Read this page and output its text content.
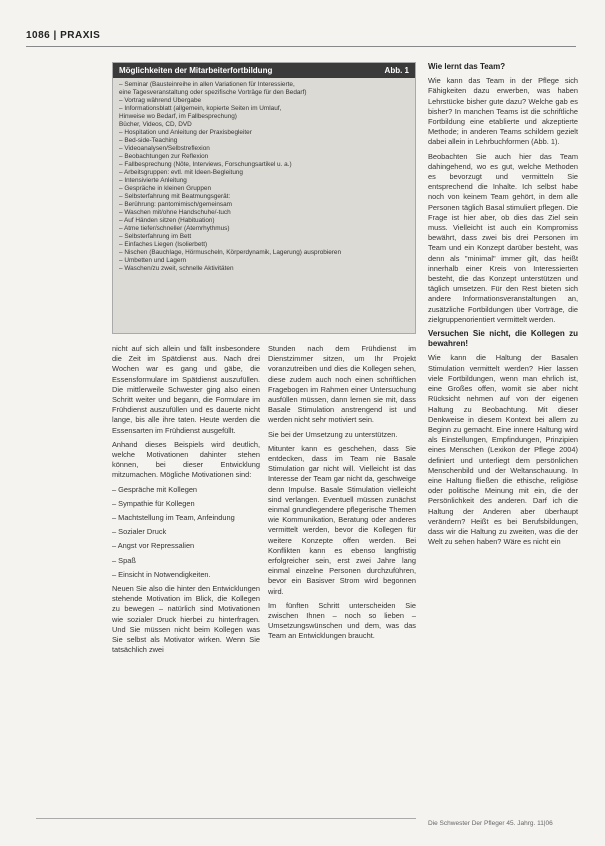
1086 | PRAXIS
Möglichkeiten der Mitarbeiterfortbildung	Abb. 1
– Seminar (Bausteinreihe in allen Variationen für Interessierte,
eine Tagesveranstaltung oder spezifische Vorträge für den Bedarf)
– Vortrag während Übergabe
– Informationsblatt (allgemein, kopierte Seiten im Umlauf,
Hinweise wo Bedarf, im Fallbesprechung)
Bücher, Videos, CD, DVD
– Hospitation und Anleitung der Praxisbegleiter
– Bed-side-Teaching
– Videoanalysen/Selbstreflexion
– Beobachtungen zur Reflexion
– Fallbesprechung (Nöte, Interviews, Forschungsartikel u. a.)
– Arbeitsgruppen: evtl. mit Ideen-Begleitung
– Intensivierte Anleitung
– Gespräche in kleinen Gruppen
– Selbsterfahrung mit Beatmungsgerät:
– Berührung: pantomimisch/gemeinsam
– Waschen mit/ohne Handschuhe/-tuch
– Auf Händen sitzen (Habituation)
– Atme tiefer/schneller (Atemrhythmus)
– Selbsterfahrung im Bett
– Einfaches Liegen (Isolierbett)
– Nischen (Bauchlage, Hörmuscheln, Körperdynamik, Lagerung) ausprobieren
– Umbetten und Lagern
– Waschen/zu zweit, schnelle Aktivitäten

nicht auf sich allein und fällt insbesondere die Zeit im Spätdienst aus. Nach drei Wochen war es gang und gäbe, die Essensformulare im Spätdienst auszufüllen. Die mittlerweile Schwester ging also einen Schritt weiter und begann, die Formulare im Frühdienst auszufüllen und es dauerte nicht lange, bis alle ihre taten. Heute werden die Essensarten im Frühdienst ausgefüllt.

Anhand dieses Beispiels wird deutlich, welche Motivationen dahinter stehen können, bei dieser Entwicklung mitzumachen. Mögliche Motivationen sind:

– Gespräche mit Kollegen

– Sympathie für Kollegen

– Machtstellung im Team, Anfeindung

– Sozialer Druck

– Angst vor Repressalien

– Spaß

– Einsicht in Notwendigkeiten.

Neuen Sie also die hinter den Entwicklungen stehende Motivation im Blick, die Kollegen zu bewegen – natürlich sind Motivationen wie sozialer Druck hierbei zu hinterfragen. Und Sie müssen nicht beim Kollegen was Sie selbst als Motivator wirken. Wenn Sie tatsächlich zwei

Stunden nach dem Frühdienst im Dienstzimmer sitzen, um Ihr Projekt voranzutreiben und dies die Kollegen sehen, diese zudem auch noch einen schriftlichen Fragebogen im Rahmen einer Untersuchung ausfüllen müssen, dann lernen sie mit, dass Basale Stimulation anstrengend ist und werden nicht sehr motiviert sein.

Sie bei der Umsetzung zu unterstützen.

Mitunter kann es geschehen, dass Sie entdecken, dass im Team nie Basale Stimulation gar nicht will. Vielleicht ist das Interesse der Team gar nicht da, geschweige denn Impulse. Basale Stimulation vielleicht sind verlangen. Eventuell müssen zunächst einmal grundlegendere pflegerische Themen wie Kommunikation, Beratung oder anderes vermittelt werden, bevor die Kollegen für weitere Konzepte offen werden. Bei Konflikten kann es ebenso langfristig erfolgreicher sein, erst zwei Jahre lang einmal einzelne Personen durchzuführen, bevor ein Basisver Strom wird begonnen wird.

Im fünften Schritt unterscheiden Sie zwischen Ihnen – noch so lieben – Umsetzungswünschen und dem, was das Team an Entwicklungen braucht.

Wie lernt das Team?

Wie kann das Team in der Pflege sich Fähigkeiten dazu erwerben, was haben Lehrstücke bisher gute dazu? Welche gab es bisher? In manchen Teams ist die schriftliche Fortbildung eine etablierte und akzeptierte Methode; in anderen Teams schildern gezielt dabei allein in Lehrbuchformen (Abb. 1).

Beobachten Sie auch hier das Team dahingehend, wo es gut, welche Methoden es bevorzugt und vermitteln Sie entsprechend die Inhalte. Ich selbst habe noch von keinem Team gehört, in dem alle Personen täglich Basal stimuliert pflegen. Die Frage ist hier aber, ob dies das Ziel sein muss. Vielleicht ist auch ein Kompromiss bewährt, dass zwei bis drei Personen im Team und ein Konzept darüber besteht, was denn als "minimal" immer gilt, das heißt innerhalb einer Kreis von Interessierten besteht, die das Konzept unterstützen und täglich umsetzen. Für den Rest bieten sich andere Informationsveranstaltungen an, zusätzliche Fortbildungen über Vorträge, die zielgruppenorientiert vermittelt werden.

Versuchen Sie nicht, die Kollegen zu bewahren!

Wie kann die Haltung der Basalen Stimulation vermittelt werden? Hier lassen viele Fortbildungen, wenn man ehrlich ist, eine Großes offen, womit sie aber nicht Rücksicht nehmen auf von der eigenen Haltung zu Beobachtung. Mit dieser Denkweise in diesem Kontext bei allem zu Beginn zu gemacht. Eine innere Haltung wird als Einstellungen, Empfindungen, Prinzipien eines Menschen (Lexikon der Pflege 2004) definiert und unterliegt dem persönlichen Menschenbild und der Weltanschauung. In eine Haltung fließen die ethische, religiöse oder politische Meinung mit ein, die der Persönlichkeit des anderen. Darf ich die Haltung der Anderen aber überhaupt verändern? Heißt es bei Berufsbildungen, dass wir die Haltung zu zweiten, was die der Welt zu sehen haben? Wäre es nicht ein

Die Schwester Der Pfleger 45. Jahrg. 11|06
